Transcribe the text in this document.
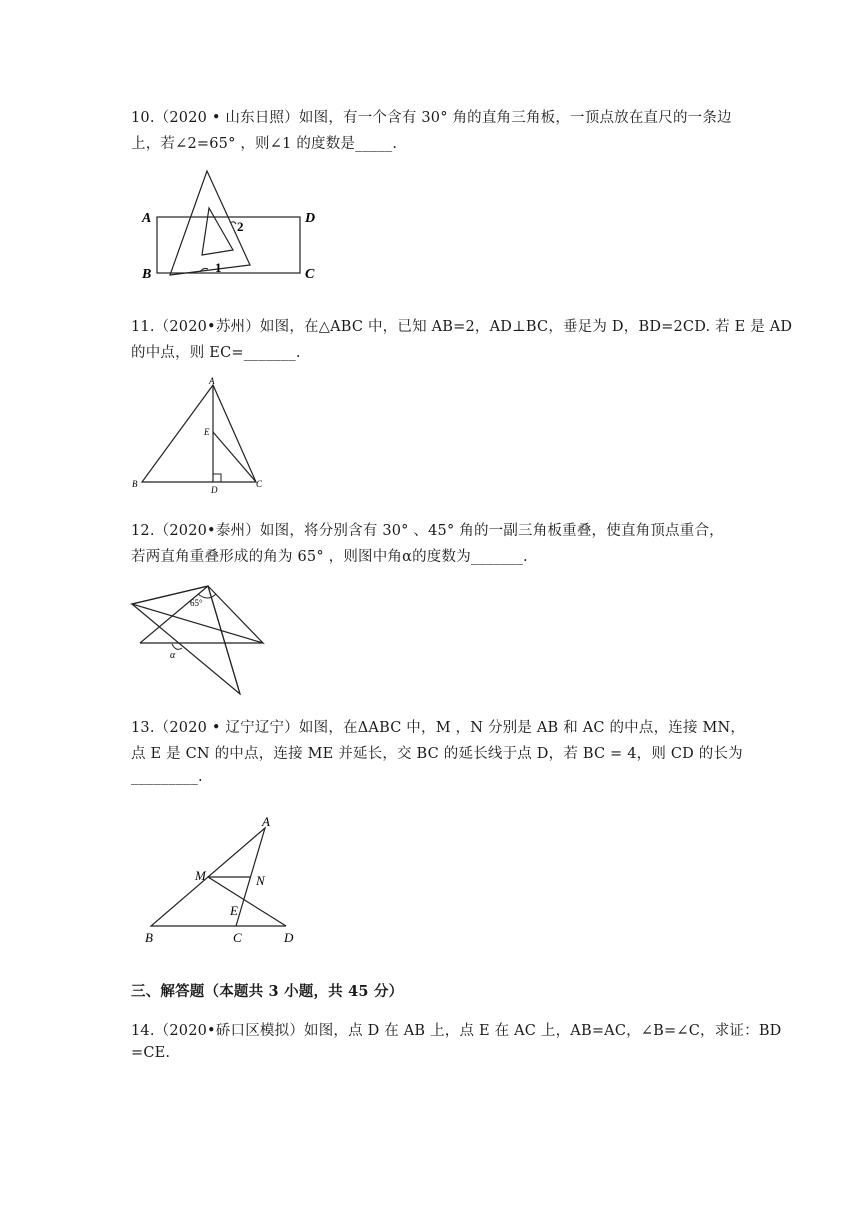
10.（2020 • 山东日照）如图，有一个含有 30° 角的直角三角板，一顶点放在直尺的一条边
上，若∠2=65° ，则∠1 的度数是_____.
A	D
B	C
2
1
11.（2020•苏州）如图，在△ABC 中，已知 AB=2，AD⊥BC，垂足为 D，BD=2CD. 若 E 是 AD
的中点，则 EC=_______.
A
E
B
D
C
12.（2020•泰州）如图，将分别含有 30° 、45° 角的一副三角板重叠，使直角顶点重合，
若两直角重叠形成的角为 65° ，则图中角α的度数为_______.
65°
α
13.（2020 • 辽宁辽宁）如图，在ΔABC 中，M ，N 分别是 AB 和 AC 的中点，连接 MN，
点 E 是 CN 的中点，连接 ME 并延长，交 BC 的延长线于点 D，若 BC = 4，则 CD 的长为
_________.
A
M	N
E
B	C	D
三、解答题（本题共 3 小题，共 45 分）
14.（2020•硚口区模拟）如图，点 D 在 AB 上，点 E 在 AC 上，AB=AC，∠B=∠C，求证：BD
=CE.
